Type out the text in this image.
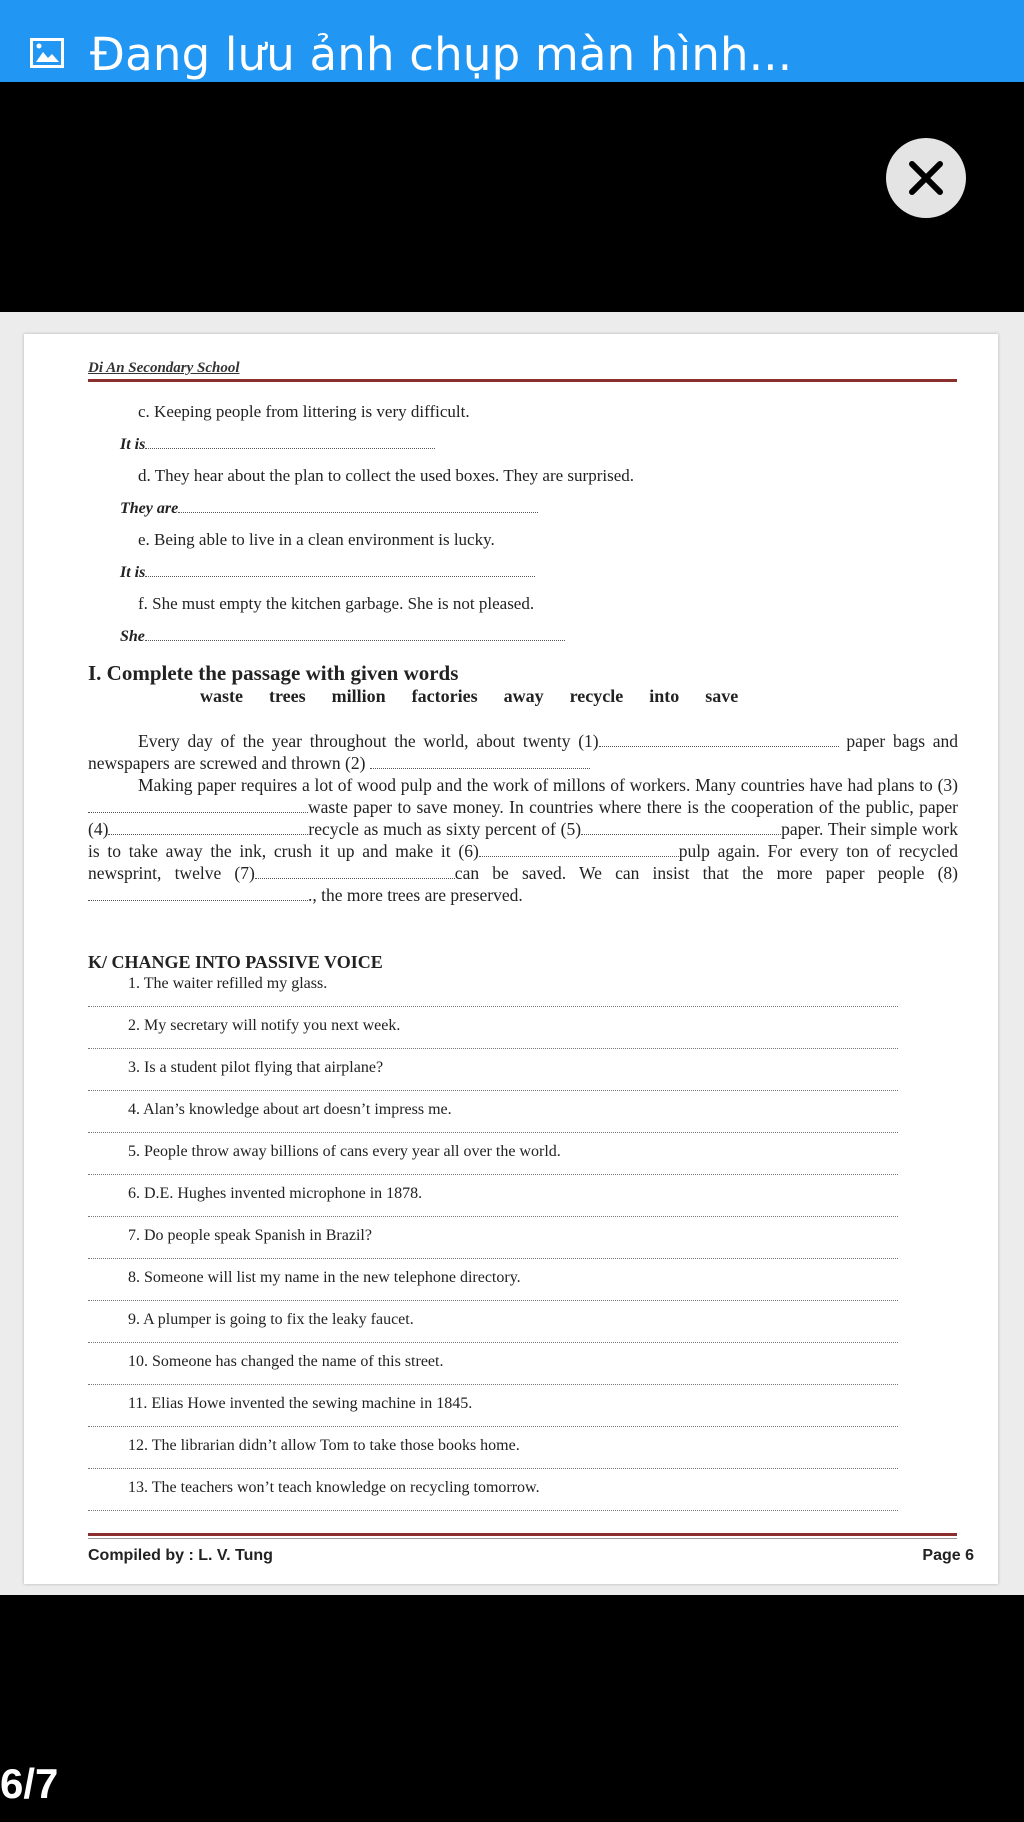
Đang lưu ảnh chụp màn hình...
Di An Secondary School
c. Keeping people from littering is very difficult.
It is
d. They hear about the plan to collect the used boxes. They are surprised.
They are
e. Being able to live in a clean environment is lucky.
It is
f. She must empty the kitchen garbage. She is not pleased.
She
I. Complete the passage with given words
waste trees million factories away recycle into save

Every day of the year throughout the world, about twenty (1)	paper bags and newspapers are screwed and thrown (2)

Making paper requires a lot of wood pulp and the work of millons of workers. Many countries have had plans to (3)waste paper to save money. In countries where there is the cooperation of the public, paper (4)	recycle as much as sixty percent of (5)	paper. Their simple work is to take away the ink, crush it up and make it (6)	pulp again. For every ton of recycled newsprint, twelve (7)	can be saved. We can insist that the more paper people (8)., the more trees are preserved.

K/ CHANGE INTO PASSIVE VOICE
1. The waiter refilled my glass.
2. My secretary will notify you next week.
3. Is a student pilot flying that airplane?
4. Alan’s knowledge about art doesn’t impress me.
5. People throw away billions of cans every year all over the world.
6. D.E. Hughes invented microphone in 1878.
7. Do people speak Spanish in Brazil?
8. Someone will list my name in the new telephone directory.
9. A plumper is going to fix the leaky faucet.
10. Someone has changed the name of this street.
11. Elias Howe invented the sewing machine in 1845.
12. The librarian didn’t allow Tom to take those books home.
13. The teachers won’t teach knowledge on recycling tomorrow.
Compiled by : L. V. Tung	Page 6
6/7
